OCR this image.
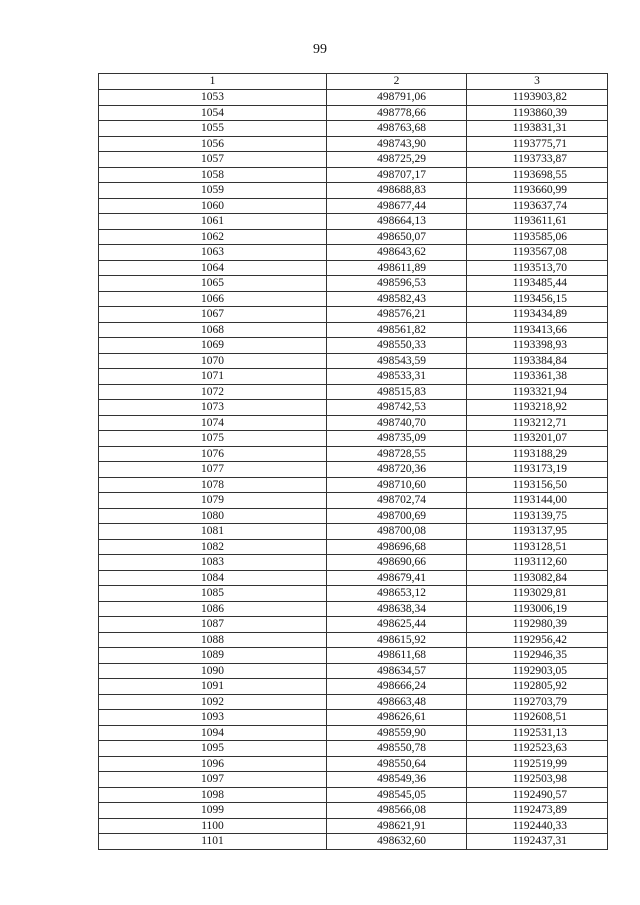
99
1	2	3
1053	498791,06	1193903,82
1054	498778,66	1193860,39
1055	498763,68	1193831,31
1056	498743,90	1193775,71
1057	498725,29	1193733,87
1058	498707,17	1193698,55
1059	498688,83	1193660,99
1060	498677,44	1193637,74
1061	498664,13	1193611,61
1062	498650,07	1193585,06
1063	498643,62	1193567,08
1064	498611,89	1193513,70
1065	498596,53	1193485,44
1066	498582,43	1193456,15
1067	498576,21	1193434,89
1068	498561,82	1193413,66
1069	498550,33	1193398,93
1070	498543,59	1193384,84
1071	498533,31	1193361,38
1072	498515,83	1193321,94
1073	498742,53	1193218,92
1074	498740,70	1193212,71
1075	498735,09	1193201,07
1076	498728,55	1193188,29
1077	498720,36	1193173,19
1078	498710,60	1193156,50
1079	498702,74	1193144,00
1080	498700,69	1193139,75
1081	498700,08	1193137,95
1082	498696,68	1193128,51
1083	498690,66	1193112,60
1084	498679,41	1193082,84
1085	498653,12	1193029,81
1086	498638,34	1193006,19
1087	498625,44	1192980,39
1088	498615,92	1192956,42
1089	498611,68	1192946,35
1090	498634,57	1192903,05
1091	498666,24	1192805,92
1092	498663,48	1192703,79
1093	498626,61	1192608,51
1094	498559,90	1192531,13
1095	498550,78	1192523,63
1096	498550,64	1192519,99
1097	498549,36	1192503,98
1098	498545,05	1192490,57
1099	498566,08	1192473,89
1100	498621,91	1192440,33
1101	498632,60	1192437,31
